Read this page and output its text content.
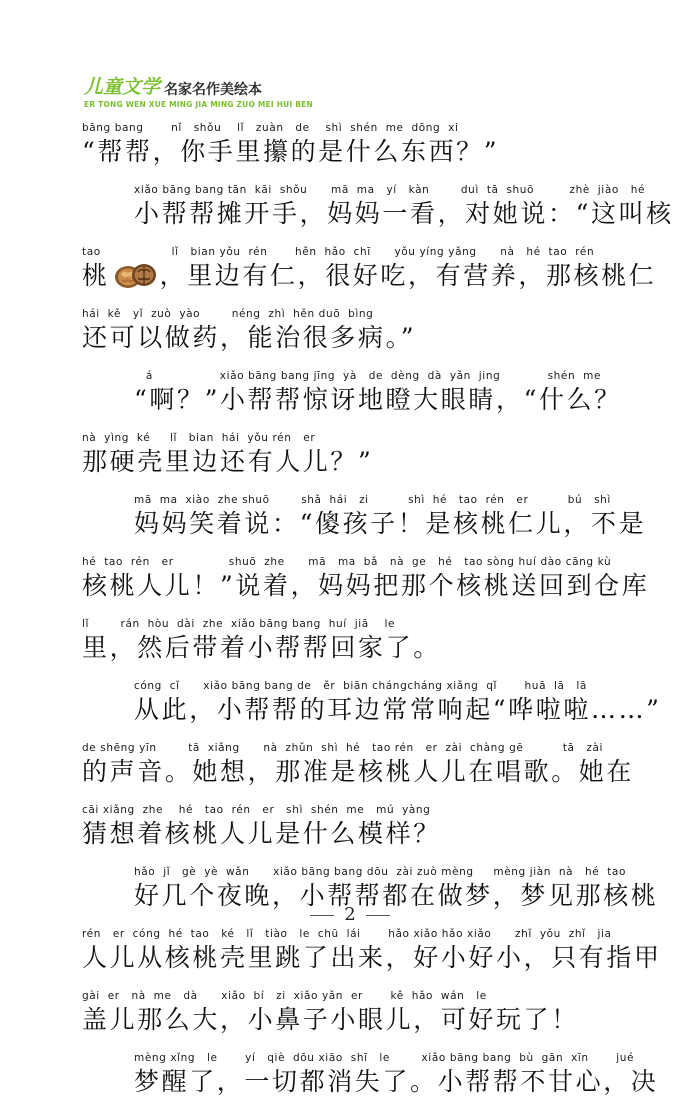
儿童文学 名家名作美绘本
ER TONG WEN XUE MING JIA MING ZUO MEI HUI BEN
bāng bang       nǐ   shǒu    lǐ   zuàn   de    shì  shén  me  dōng  xi
“帮帮，你手里攥的是什么东西？”
xiǎo bāng bang tān  kāi  shǒu      mā  ma   yí   kàn        duì  tā  shuō         zhè  jiào   hé
小帮帮摊开手，妈妈一看，对她说：“这叫核
tao                  lǐ   bian yǒu  rén       hěn  hǎo  chī      yǒu yíng yǎng      nà   hé  tao  rén
桃 ，里边有仁，很好吃，有营养，那核桃仁
hái  kě   yǐ  zuò  yào        néng  zhì  hěn duō  bìng
还可以做药，能治很多病。”
á                 xiǎo bāng bang jīng  yà   de  dèng  dà  yǎn  jing            shén  me
“啊？”小帮帮惊讶地瞪大眼睛，“什么？
nà  yìng  ké     lǐ   bian  hái  yǒu rén   er
那硬壳里边还有人儿？”
mā  ma  xiào  zhe shuō        shǎ  hái   zi          shì  hé   tao  rén   er          bú   shì
妈妈笑着说：“傻孩子！是核桃仁儿，不是
hé  tao  rén   er              shuō  zhe      mā   ma  bǎ   nà  ge   hé   tao sòng huí dào cāng kù
核桃人儿！”说着，妈妈把那个核桃送回到仓库
lǐ        rán  hòu  dài  zhe  xiǎo bāng bang  huí  jiā    le
里，然后带着小帮帮回家了。
cóng  cǐ      xiǎo bāng bang de   ěr  biān chángcháng xiǎng  qǐ       huā  lā   lā
从此，小帮帮的耳边常常响起“哗啦啦……”
de shēng yīn        tā  xiǎng      nà  zhǔn  shì  hé   tao rén   er  zài  chàng gē          tā   zài
的声音。她想，那准是核桃人儿在唱歌。她在
cāi xiǎng  zhe    hé   tao  rén   er   shì  shén  me   mú  yàng
猜想着核桃人儿是什么模样？
hǎo  jǐ   gè  yè  wǎn      xiǎo bāng bang dōu  zài zuò mèng     mèng jiàn  nà   hé  tao
好几个夜晚，小帮帮都在做梦，梦见那核桃
rén   er  cóng  hé  tao   ké   lǐ   tiào   le  chū  lái       hǎo xiǎo hǎo xiǎo      zhǐ  yǒu  zhǐ   jia
人儿从核桃壳里跳了出来，好小好小，只有指甲
gài  er   nà  me   dà      xiǎo  bí   zi  xiǎo yǎn  er       kě  hǎo  wán   le
盖儿那么大，小鼻子小眼儿，可好玩了！
mèng xǐng   le       yí   qiè  dōu xiāo  shī   le        xiǎo bāng bang  bù  gān  xīn       jué
梦醒了，一切都消失了。小帮帮不甘心，决
2
